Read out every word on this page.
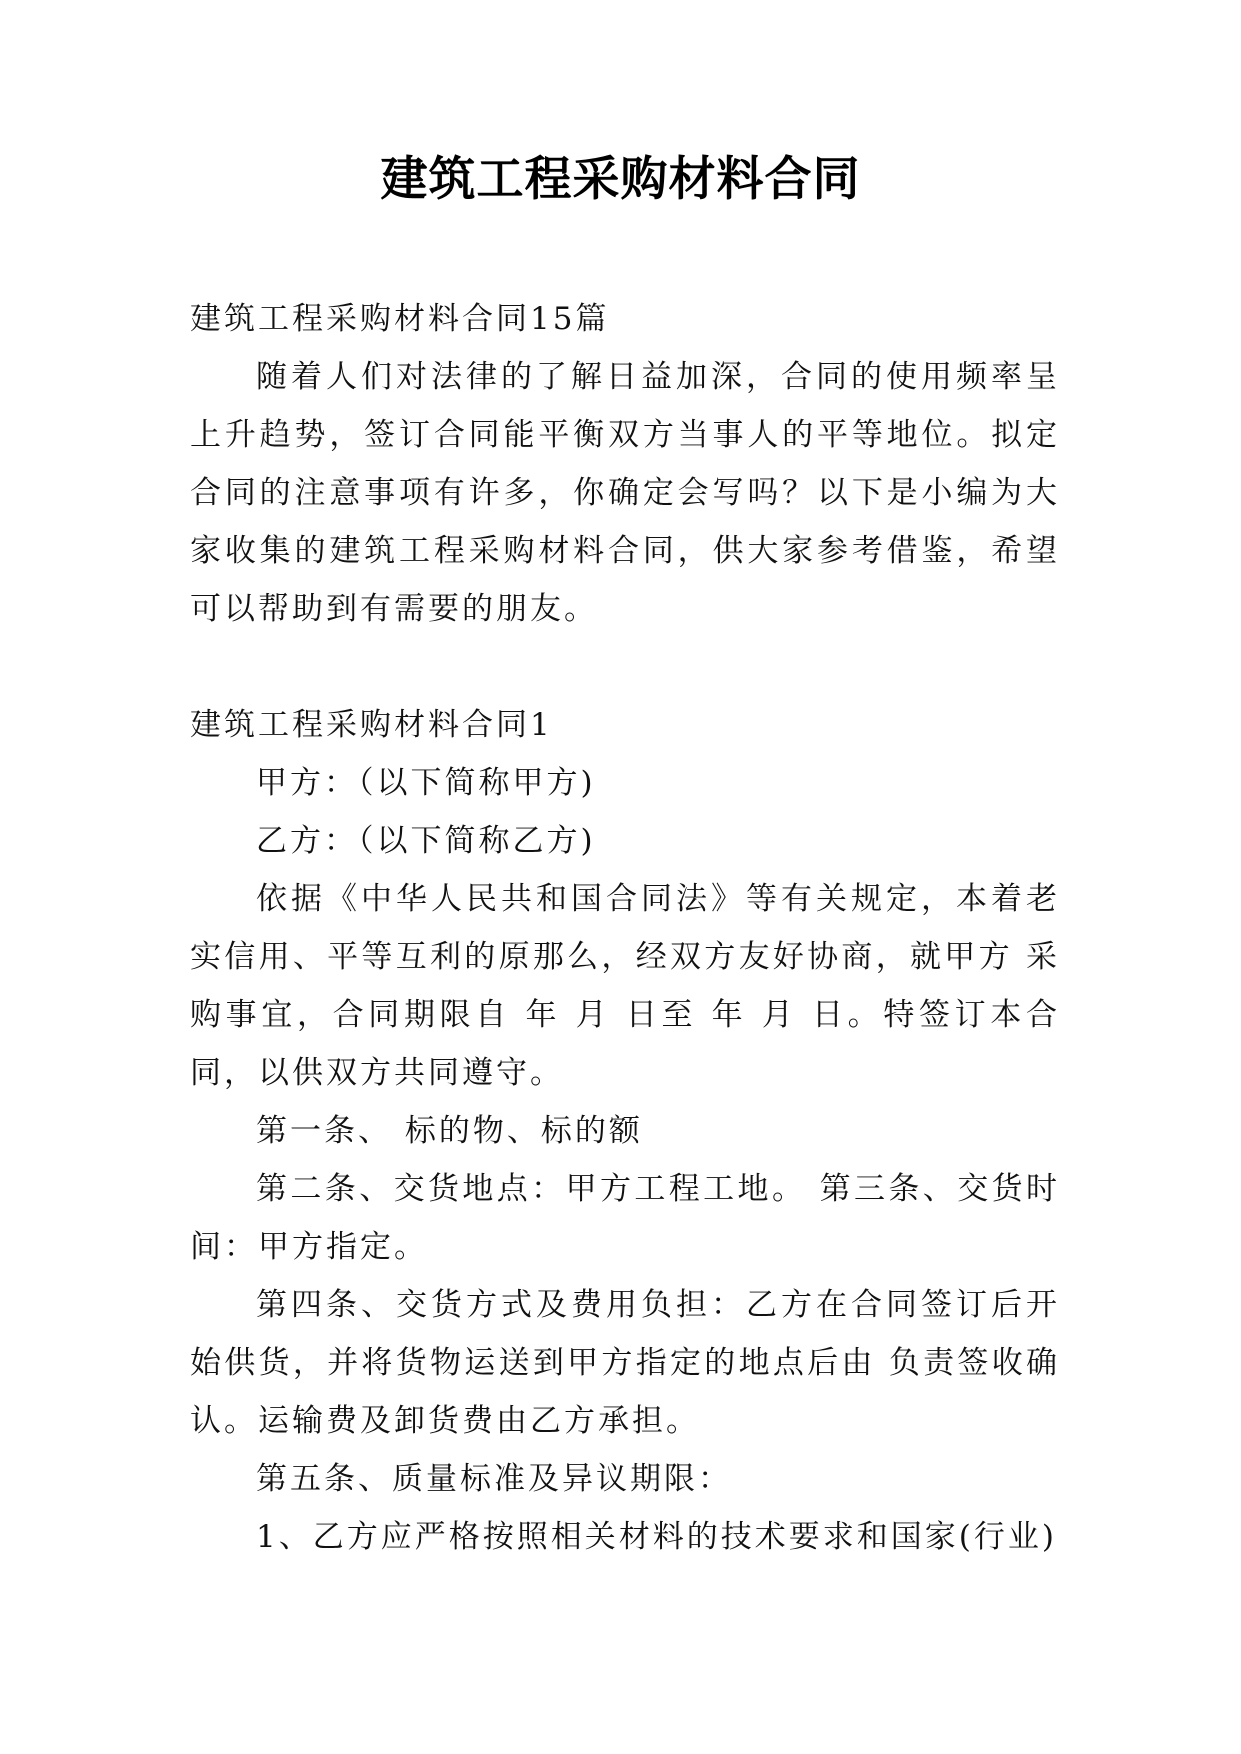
建筑工程采购材料合同

建筑工程采购材料合同15篇

随着人们对法律的了解日益加深，合同的使用频率呈上升趋势，签订合同能平衡双方当事人的平等地位。拟定合同的注意事项有许多，你确定会写吗？以下是小编为大家收集的建筑工程采购材料合同，供大家参考借鉴，希望可以帮助到有需要的朋友。

建筑工程采购材料合同1

甲方：（以下简称甲方)

乙方：（以下简称乙方)

依据《中华人民共和国合同法》等有关规定，本着老实信用、平等互利的原那么，经双方友好协商，就甲方 采购事宜，合同期限自 年 月 日至 年 月 日。特签订本合同，以供双方共同遵守。

第一条、 标的物、标的额

第二条、交货地点：甲方工程工地。 第三条、交货时间：甲方指定。

第四条、交货方式及费用负担：乙方在合同签订后开始供货，并将货物运送到甲方指定的地点后由 负责签收确认。运输费及卸货费由乙方承担。

第五条、质量标准及异议期限：

1、乙方应严格按照相关材料的技术要求和国家(行业)
